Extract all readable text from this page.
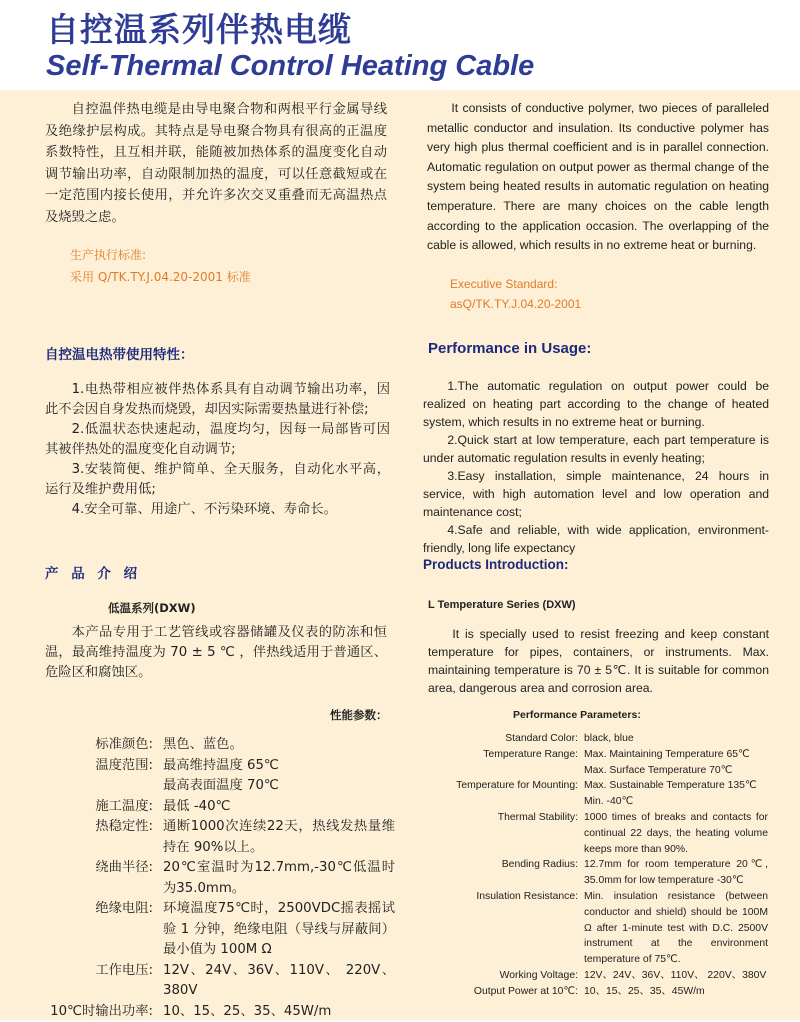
自控温系列伴热电缆
Self-Thermal Control Heating Cable

自控温伴热电缆是由导电聚合物和两根平行金属导线及绝缘护层构成。其特点是导电聚合物具有很高的正温度系数特性，且互相并联，能随被加热体系的温度变化自动调节输出功率，自动限制加热的温度，可以任意截短或在一定范围内接长使用，并允许多次交叉重叠而无高温热点及烧毁之虑。

It consists of conductive polymer, two pieces of paralleled metallic conductor and insulation. Its conductive polymer has very high plus thermal coefficient and is in parallel connection. Automatic regulation on output power as thermal change of the system being heated results in automatic regulation on heating temperature. There are many choices on the cable length according to the application occasion. The overlapping of the cable is allowed, which results in no extreme heat or burning.

生产执行标准:
采用 Q/TK.TY.J.04.20-2001 标准	Executive Standard:
asQ/TK.TY.J.04.20-2001
自控温电热带使用特性：	Performance in Usage:

1.电热带相应被伴热体系具有自动调节输出功率，因此不会因自身发热而烧毁，却因实际需要热量进行补偿;

2.低温状态快速起动，温度均匀，因每一局部皆可因其被伴热处的温度变化自动调节;

3.安装简便、维护简单、全天服务，自动化水平高，运行及维护费用低;

4.安全可靠、用途广、不污染环境、寿命长。

1.The automatic regulation on output power could be realized on heating part according to the change of heated system, which results in no extreme heat or burning.

2.Quick start at low temperature, each part temperature is under automatic regulation results in evenly heating;

3.Easy installation, simple maintenance, 24 hours in service, with high automation level and low operation and maintenance cost;

4.Safe and reliable, with wide application, environment-friendly, long life expectancy

产 品 介 绍
Products Introduction:
低温系列(DXW)	L Temperature Series (DXW)

本产品专用于工艺管线或容器储罐及仪表的防冻和恒温，最高维持温度为 70 ± 5 ℃ ，伴热线适用于普通区、危险区和腐蚀区。

It is specially used to resist freezing and keep constant temperature for pipes, containers, or instruments. Max. maintaining temperature is 70 ± 5℃. It is suitable for common area, dangerous area and corrosion area.

性能参数：	Performance Parameters:
标准颜色: 黑色、蓝色。
温度范围: 最高维持温度 65℃
最高表面温度 70℃
施工温度: 最低 -40℃
热稳定性: 通断1000次连续22天，热线发热量维持在 90%以上。
绕曲半径: 20℃室温时为12.7mm,-30℃低温时为35.0mm。
绝缘电阻: 环境温度75℃时，2500VDC摇表摇试验 1 分钟，绝缘电阻（导线与屏蔽间）最小值为 100M Ω
工作电压: 12V、24V、36V、110V、 220V、380V
10℃时输出功率: 10、15、25、35、45W/m
Standard Color: black, blue
Temperature Range: Max. Maintaining Temperature 65℃
Max. Surface Temperature 70℃
Temperature for Mounting: Max. Sustainable Temperature 135℃
Min. -40℃
Thermal Stability: 1000 times of breaks and contacts for continual 22 days, the heating volume keeps more than 90%.
Bending Radius: 12.7mm for room temperature 20℃, 35.0mm for low temperature -30℃
Insulation Resistance: Min. insulation resistance (between conductor and shield) should be 100M Ω after 1-minute test with D.C. 2500V instrument at the environment temperature of 75℃.
Working Voltage: 12V、24V、36V、110V、 220V、380V
Output Power at 10℃: 10、15、25、35、45W/m
